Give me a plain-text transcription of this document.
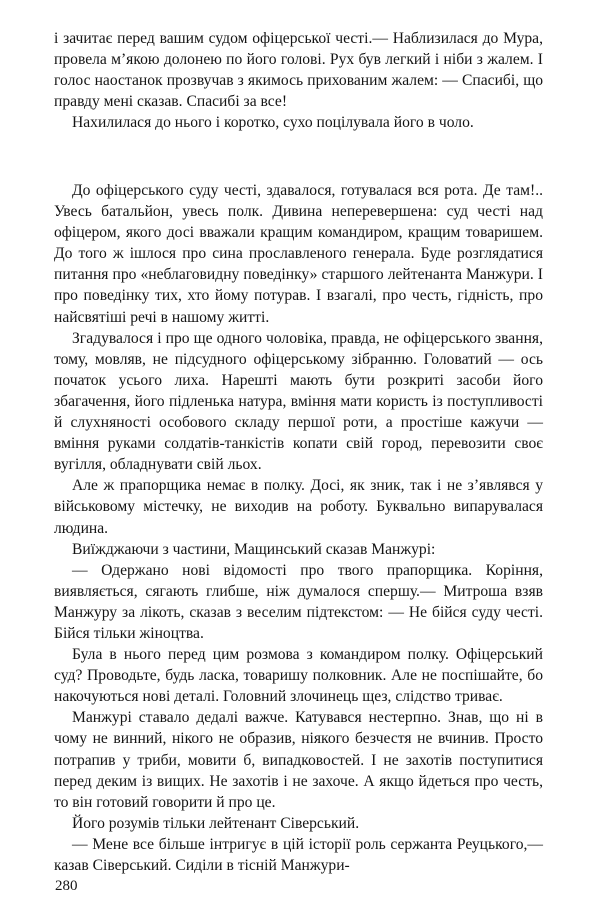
і зачитає перед вашим судом офіцерської честі.— Наблизилася до Мура, провела м’якою долонею по його голові. Рух був легкий і ніби з жалем. І голос наостанок прозвучав з якимось прихованим жалем: — Спасибі, що правду мені сказав. Спасибі за все!

Нахилилася до нього і коротко, сухо поцілувала його в чоло.

До офіцерського суду честі, здавалося, готувалася вся рота. Де там!.. Увесь батальйон, увесь полк. Дивина неперевершена: суд честі над офіцером, якого досі вважали кращим командиром, кращим товаришем. До того ж ішлося про сина прославленого генерала. Буде розглядатися питання про «неблаговидну поведінку» старшого лейтенанта Манжури. І про поведінку тих, хто йому потурав. І взагалі, про честь, гідність, про найсвятіші речі в нашому житті.

Згадувалося і про ще одного чоловіка, правда, не офіцерського звання, тому, мовляв, не підсудного офіцерському зібранню. Головатий — ось початок усього лиха. Нарешті мають бути розкриті засоби його збагачення, його підленька натура, вміння мати користь із поступливості й слухняності особового складу першої роти, а простіше кажучи — вміння руками солдатів-танкістів копати свій город, перевозити своє вугілля, обладнувати свій льох.

Але ж прапорщика немає в полку. Досі, як зник, так і не з’являвся у військовому містечку, не виходив на роботу. Буквально випарувалася людина.

Виїжджаючи з частини, Мащинський сказав Манжурі:

— Одержано нові відомості про твого прапорщика. Коріння, виявляється, сягають глибше, ніж думалося спершу.— Митроша взяв Манжуру за лікоть, сказав з веселим підтекстом: — Не бійся суду честі. Бійся тільки жіноцтва.

Була в нього перед цим розмова з командиром полку. Офіцерський суд? Проводьте, будь ласка, товаришу полковник. Але не поспішайте, бо накочуються нові деталі. Головний злочинець щез, слідство триває.

Манжурі ставало дедалі важче. Катувався нестерпно. Знав, що ні в чому не винний, нікого не образив, ніякого безчестя не вчинив. Просто потрапив у триби, мовити б, випадковостей. І не захотів поступитися перед деким із вищих. Не захотів і не захоче. А якщо йдеться про честь, то він готовий говорити й про це.

Його розумів тільки лейтенант Сіверський.

— Мене все більше інтригує в цій історії роль сержанта Реуцького,— казав Сіверський. Сиділи в тісній Манжури-

280
